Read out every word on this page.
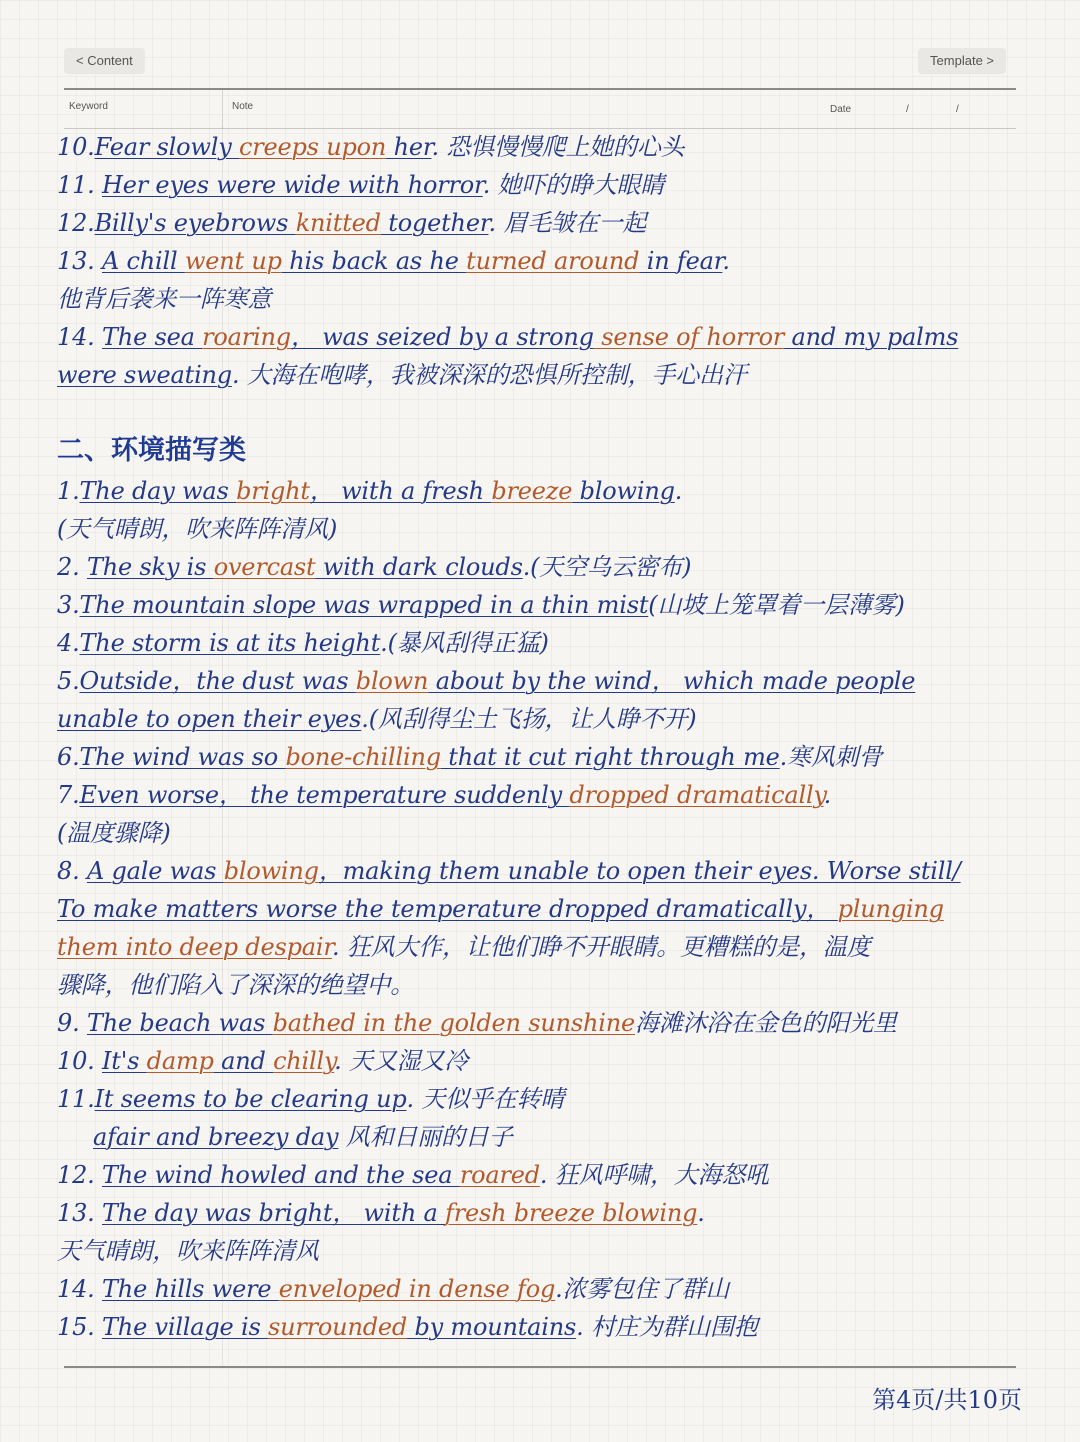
< Content	Template >
Keyword	Note	Date	/	/
10.Fear slowly creeps upon her. 恐惧慢慢爬上她的心头
11. Her eyes were wide with horror. 她吓的睁大眼睛
12.Billy's eyebrows knitted together. 眉毛皱在一起
13. A chill went up his back as he turned around in fear.
他背后袭来一阵寒意
14. The sea roaring， was seized by a strong sense of horror and my palms
were sweating. 大海在咆哮，我被深深的恐惧所控制，手心出汗
二、环境描写类
1.The day was bright， with a fresh breeze blowing.
(天气晴朗，吹来阵阵清风)
2. The sky is overcast with dark clouds.(天空乌云密布)
3.The mountain slope was wrapped in a thin mist(山坡上笼罩着一层薄雾)
4.The storm is at its height.(暴风刮得正猛)
5.Outside，the dust was blown about by the wind， which made people
unable to open their eyes.(风刮得尘土飞扬，让人睁不开)
6.The wind was so bone-chilling that it cut right through me.寒风刺骨
7.Even worse， the temperature suddenly dropped dramatically.
(温度骤降)
8. A gale was blowing，making them unable to open their eyes. Worse still/
To make matters worse the temperature dropped dramatically， plunging
them into deep despair. 狂风大作，让他们睁不开眼睛。更糟糕的是，温度
骤降，他们陷入了深深的绝望中。
9. The beach was bathed in the golden sunshine海滩沐浴在金色的阳光里
10. It's damp and chilly. 天又湿又冷
11.It seems to be clearing up. 天似乎在转晴
afair and breezy day 风和日丽的日子
12. The wind howled and the sea roared. 狂风呼啸，大海怒吼
13. The day was bright， with a fresh breeze blowing.
天气晴朗，吹来阵阵清风
14. The hills were enveloped in dense fog.浓雾包住了群山
15. The village is surrounded by mountains. 村庄为群山围抱
第4页/共10页
